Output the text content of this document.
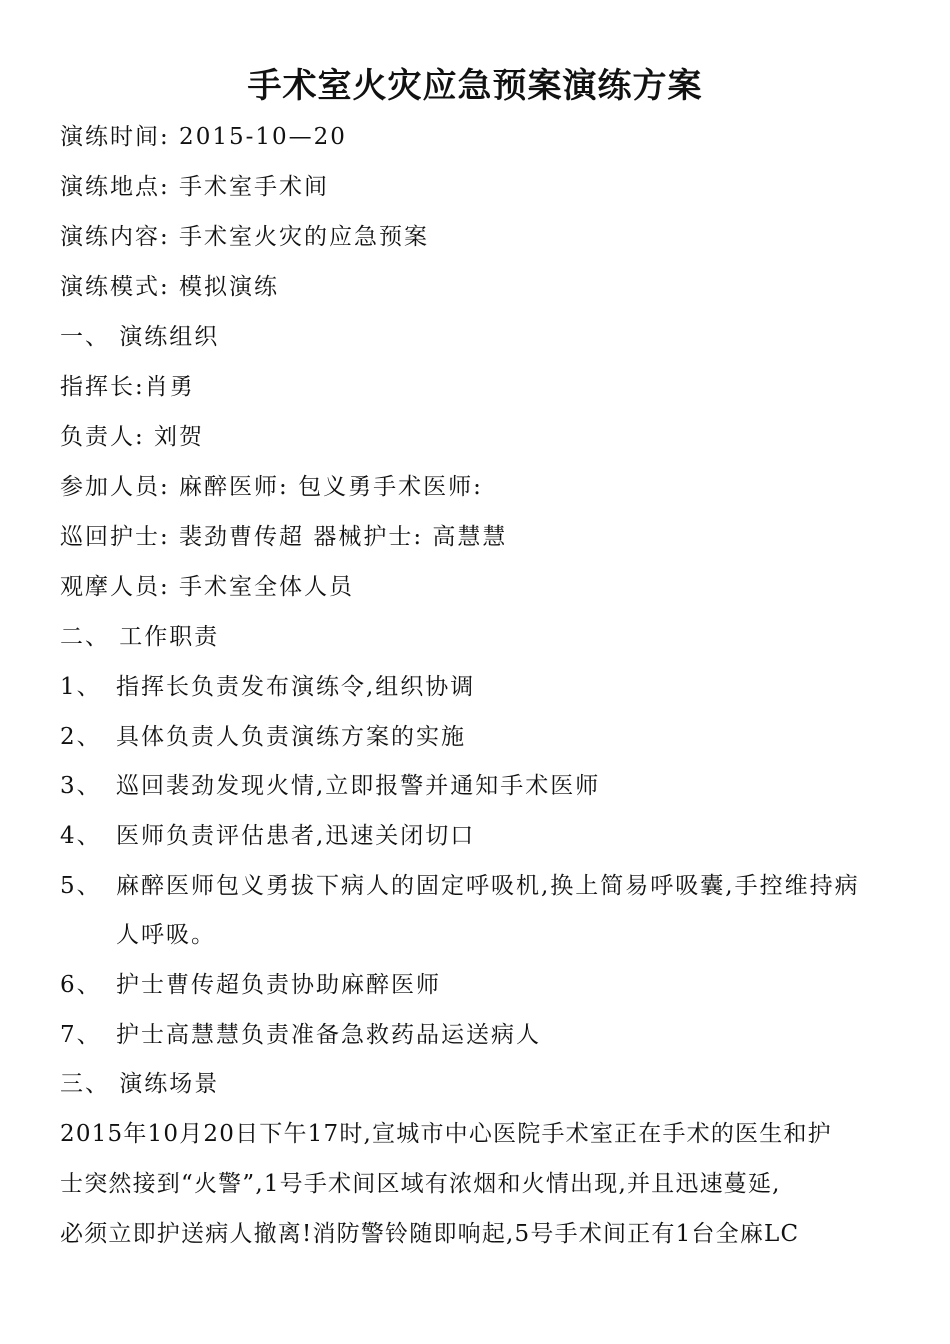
手术室火灾应急预案演练方案
演练时间: 2015-10—20
演练地点: 手术室手术间
演练内容: 手术室火灾的应急预案
演练模式: 模拟演练
一、 演练组织
指挥长:肖勇
负责人: 刘贺
参加人员: 麻醉医师: 包义勇手术医师:
巡回护士: 裴劲曹传超 器械护士: 高慧慧
观摩人员: 手术室全体人员
二、 工作职责
1、 指挥长负责发布演练令,组织协调
2、 具体负责人负责演练方案的实施
3、 巡回裴劲发现火情,立即报警并通知手术医师
4、 医师负责评估患者,迅速关闭切口
5、 麻醉医师包义勇拔下病人的固定呼吸机,换上简易呼吸囊,手控维持病
人呼吸。
6、 护士曹传超负责协助麻醉医师
7、 护士高慧慧负责准备急救药品运送病人
三、 演练场景
2015年10月20日下午17时,宣城市中心医院手术室正在手术的医生和护
士突然接到“火警”,1号手术间区域有浓烟和火情出现,并且迅速蔓延,
必须立即护送病人撤离!消防警铃随即响起,5号手术间正有1台全麻LC
